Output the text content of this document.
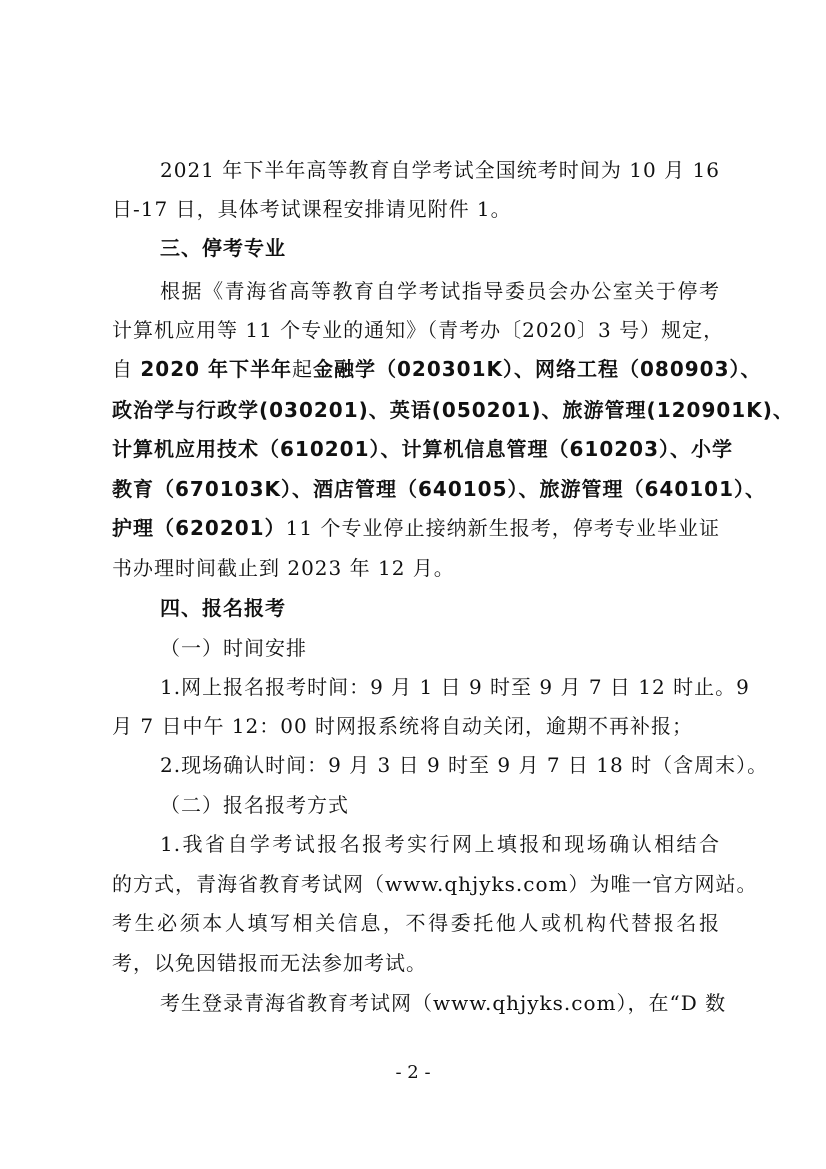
2021 年下半年高等教育自学考试全国统考时间为 10 月 16
日-17 日，具体考试课程安排请见附件 1。
三、停考专业
根据《青海省高等教育自学考试指导委员会办公室关于停考
计算机应用等 11 个专业的通知》（青考办〔2020〕3 号）规定，
自 2020 年下半年起金融学（020301K）、网络工程（080903）、
政治学与行政学(030201)、英语(050201)、旅游管理(120901K)、
计算机应用技术（610201）、计算机信息管理（610203）、小学
教育（670103K）、酒店管理（640105）、旅游管理（640101）、
护理（620201）11 个专业停止接纳新生报考，停考专业毕业证
书办理时间截止到 2023 年 12 月。
四、报名报考
（一）时间安排
1.网上报名报考时间：9 月 1 日 9 时至 9 月 7 日 12 时止。9
月 7 日中午 12：00 时网报系统将自动关闭，逾期不再补报；
2.现场确认时间：9 月 3 日 9 时至 9 月 7 日 18 时（含周末）。
（二）报名报考方式
1.我省自学考试报名报考实行网上填报和现场确认相结合
的方式，青海省教育考试网（www.qhjyks.com）为唯一官方网站。
考生必须本人填写相关信息，不得委托他人或机构代替报名报
考，以免因错报而无法参加考试。
考生登录青海省教育考试网（www.qhjyks.com），在“D 数
- 2 -
